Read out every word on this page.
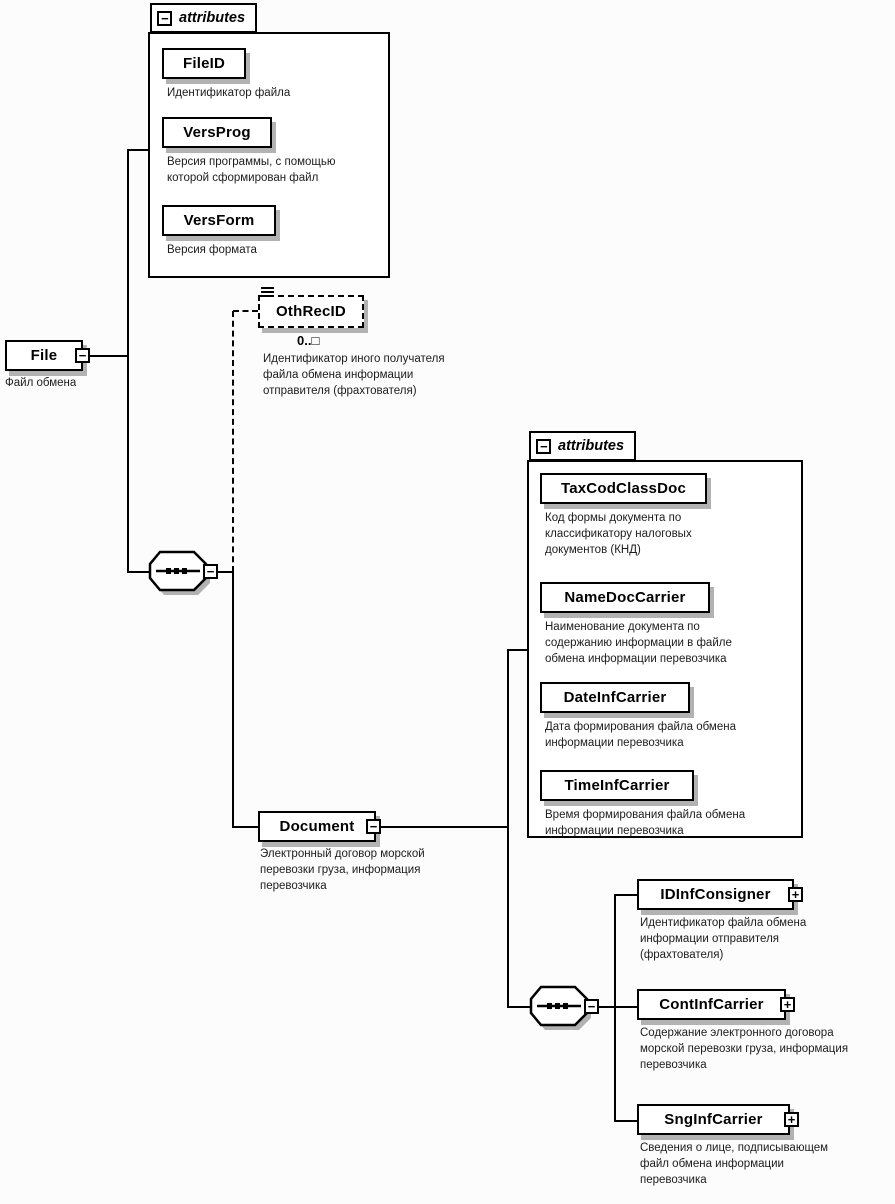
− attributes
FileID
Идентификатор файла
VersProg
Версия программы, с помощью которой сформирован файл
VersForm
Версия формата
File	−
Файл обмена
−
OthRecID
0..□
Идентификатор иного получателя файла обмена информации отправителя (фрахтователя)
Document	−
Электронный договор морской перевозки груза, информация перевозчика
− attributes
TaxCodClassDoc
Код формы документа по классификатору налоговых документов (КНД)
NameDocCarrier
Наименование документа по содержанию информации в файле обмена информации перевозчика
DateInfCarrier
Дата формирования файла обмена информации перевозчика
TimeInfCarrier
Время формирования файла обмена информации перевозчика
−
IDInfConsigner	+
Идентификатор файла обмена информации отправителя (фрахтователя)
ContInfCarrier	+
Содержание электронного договора морской перевозки груза, информация перевозчика
SngInfCarrier	+
Сведения о лице, подписывающем файл обмена информации перевозчика
